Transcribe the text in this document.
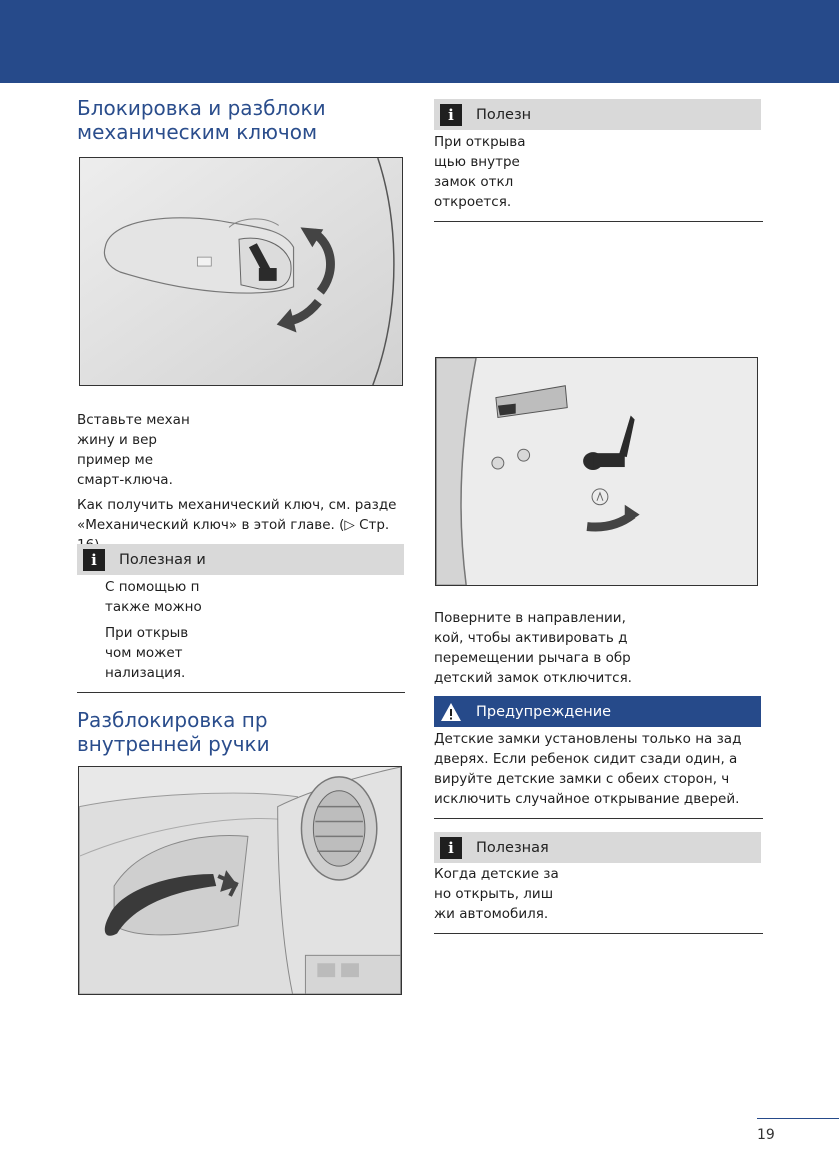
Блокировка и разблоки
механическим ключом

Вставьте механ

жину и вер

пример ме

смарт-ключа.

Как получить механический ключ, см. разде

«Механический ключ» в этой главе. (▷ Стр.

i	Полезная и

С помощью п

также можно

При открыв

чом может

нализация.

Разблокировка пр
внутренней ручки
i	Полезн

При открыва

щью внутре

замок откл

откроется.

Поверните в направлении,

кой, чтобы активировать д

перемещении рычага в обр

детский замок отключится.

Предупреждение

Детские замки установлены только на зад

дверях. Если ребенок сидит сзади один, а

вируйте детские замки с обеих сторон, ч

исключить случайное открывание дверей.

i	Полезная

Когда детские за

но открыть, лиш

жи автомобиля.

19
